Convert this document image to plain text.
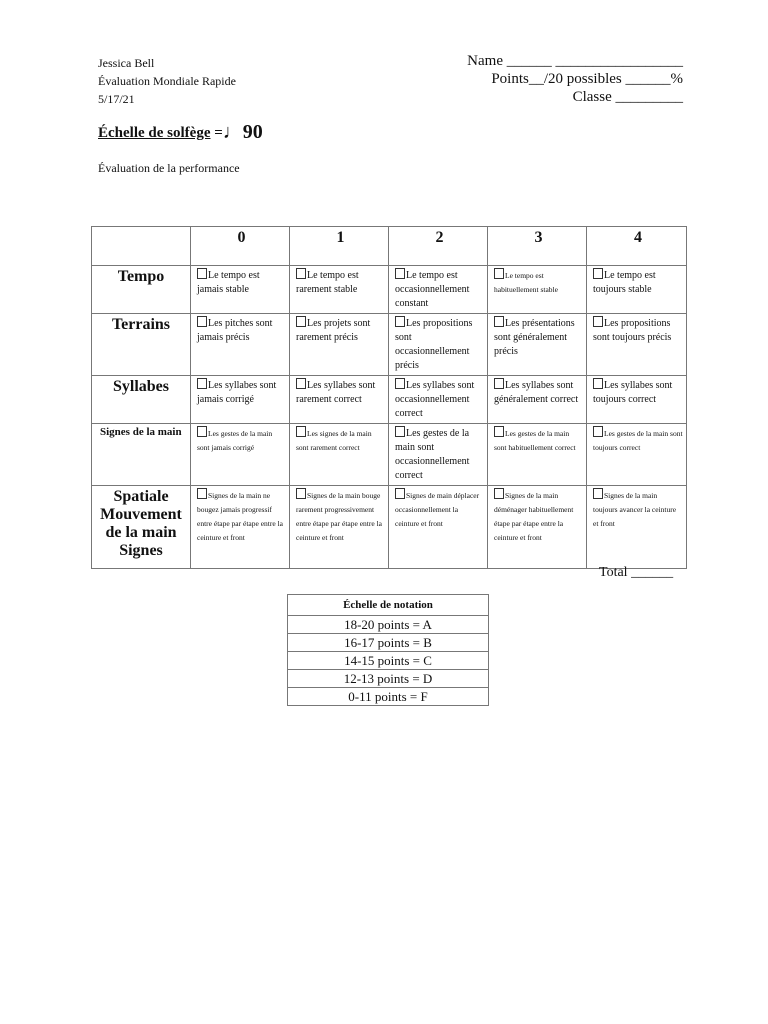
Jessica Bell
Évaluation Mondiale Rapide
5/17/21
Name ______ _________________
Points__/20 possibles ______%
Classe _________
Échelle de solfège =♩90
Évaluation de la performance
	0	1	2	3	4
Tempo	Le tempo est jamais stable	Le tempo est rarement stable	Le tempo est occasionnellement constant	Le tempo est habituellement stable	Le tempo est toujours stable
Terrains	Les pitches sont jamais précis	Les projets sont rarement précis	Les propositions sont occasionnellement précis	Les présentations sont généralement précis	Les propositions sont toujours précis
Syllabes	Les syllabes sont jamais corrigé	Les syllabes sont rarement correct	Les syllabes sont occasionnellement correct	Les syllabes sont généralement correct	Les syllabes sont toujours correct
Signes de la main	Les gestes de la main sont jamais corrigé	Les signes de la main sont rarement correct	Les gestes de la main sont occasionnellement correct	Les gestes de la main sont habituellement correct	Les gestes de la main sont toujours correct
Spatiale Mouvement de la main Signes	Signes de la main ne bougez jamais progressif entre étape par étape entre la ceinture et front	Signes de la main bouge rarement progressivement entre étape par étape entre la ceinture et front	Signes de main déplacer occasionnellement la ceinture et front	Signes de la main déménager habituellement étape par étape entre la ceinture et front	Signes de la main toujours avancer la ceinture et front
Total ______
Échelle de notation
18-20 points = A
16-17 points = B
14-15 points = C
12-13 points = D
0-11 points = F
